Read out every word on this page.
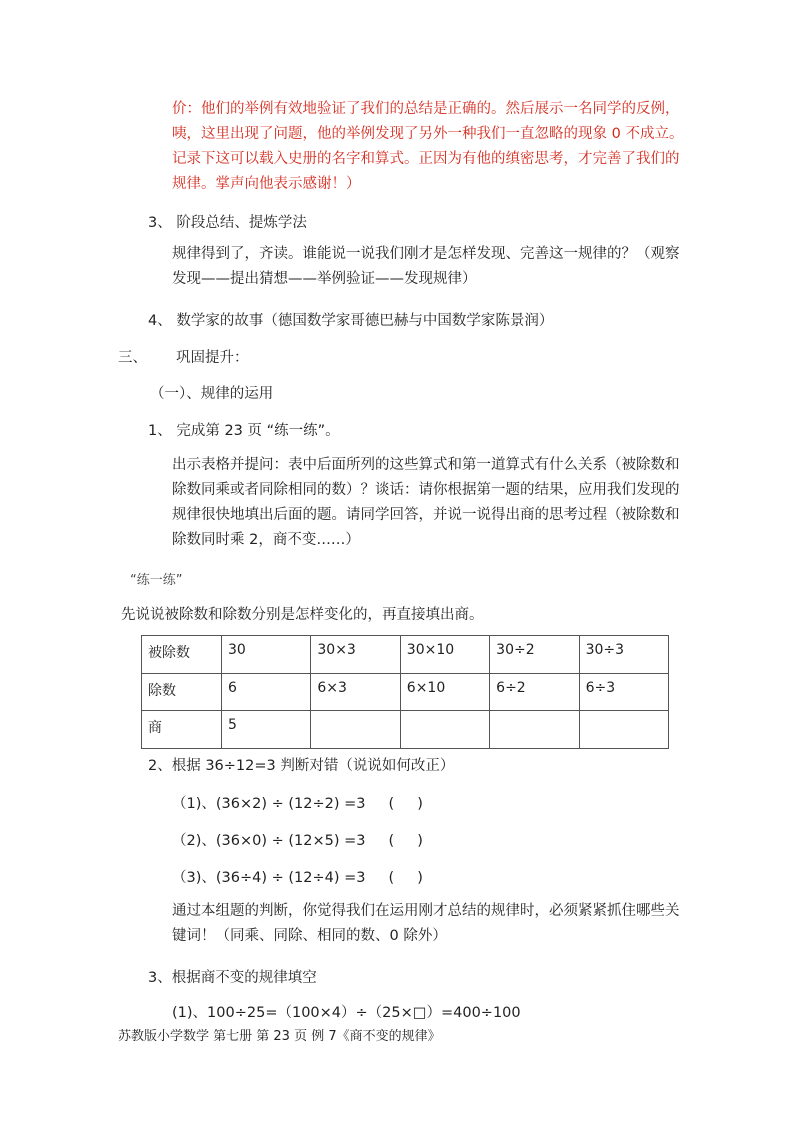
价：他们的举例有效地验证了我们的总结是正确的。然后展示一名同学的反例，
咦，这里出现了问题，他的举例发现了另外一种我们一直忽略的现象 0 不成立。
记录下这可以载入史册的名字和算式。正因为有他的缜密思考，才完善了我们的
规律。掌声向他表示感谢！）
3、 阶段总结、提炼学法
规律得到了，齐读。谁能说一说我们刚才是怎样发现、完善这一规律的？（观察
发现——提出猜想——举例验证——发现规律）
4、 数学家的故事（德国数学家哥德巴赫与中国数学家陈景润）
三、 巩固提升：
（一）、规律的运用
1、 完成第 23 页 “练一练”。
出示表格并提问：表中后面所列的这些算式和第一道算式有什么关系（被除数和
除数同乘或者同除相同的数）？谈话：请你根据第一题的结果，应用我们发现的
规律很快地填出后面的题。请同学回答，并说一说得出商的思考过程（被除数和
除数同时乘 2，商不变……）
“练一练”
先说说被除数和除数分别是怎样变化的，再直接填出商。
被除数	30	30×3	30×10	30÷2	30÷3
除数	6	6×3	6×10	6÷2	6÷3
商	5				
2、根据 36÷12=3 判断对错（说说如何改正）
（1)、(36×2) ÷ (12÷2) =3     (     )
（2)、(36×0) ÷ (12×5) =3     (     )
（3)、(36÷4) ÷ (12÷4) =3     (     )
通过本组题的判断，你觉得我们在运用刚才总结的规律时，必须紧紧抓住哪些关
键词！（同乘、同除、相同的数、0 除外）
3、根据商不变的规律填空
(1)、100÷25=（100×4）÷（25×□）=400÷100
苏教版小学数学 第七册 第 23 页 例 7《商不变的规律》
